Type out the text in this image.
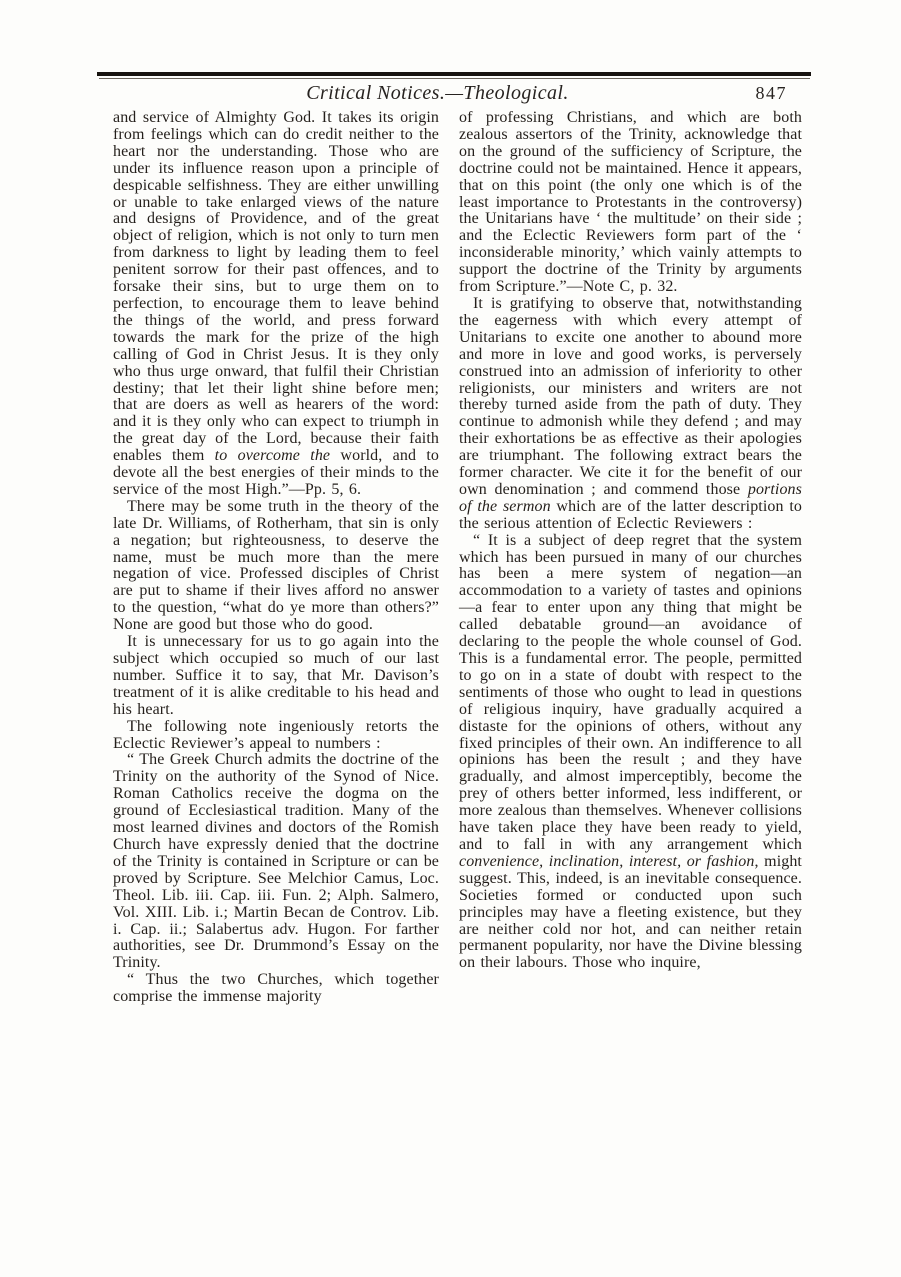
Critical Notices.—Theological.	847

and service of Almighty God. It takes its origin from feelings which can do credit neither to the heart nor the understanding. Those who are under its influence reason upon a principle of despicable selfishness. They are either unwilling or unable to take enlarged views of the nature and designs of Providence, and of the great object of religion, which is not only to turn men from darkness to light by leading them to feel penitent sorrow for their past offences, and to forsake their sins, but to urge them on to perfection, to encourage them to leave behind the things of the world, and press forward towards the mark for the prize of the high calling of God in Christ Jesus. It is they only who thus urge onward, that fulfil their Christian destiny; that let their light shine before men; that are doers as well as hearers of the word: and it is they only who can expect to triumph in the great day of the Lord, because their faith enables them to overcome the world, and to devote all the best energies of their minds to the service of the most High.”—Pp. 5, 6.

There may be some truth in the theory of the late Dr. Williams, of Rotherham, that sin is only a negation; but righteousness, to deserve the name, must be much more than the mere negation of vice. Professed disciples of Christ are put to shame if their lives afford no answer to the question, “what do ye more than others?” None are good but those who do good.

It is unnecessary for us to go again into the subject which occupied so much of our last number. Suffice it to say, that Mr. Davison’s treatment of it is alike creditable to his head and his heart.

The following note ingeniously retorts the Eclectic Reviewer’s appeal to numbers :

“ The Greek Church admits the doctrine of the Trinity on the authority of the Synod of Nice. Roman Catholics receive the dogma on the ground of Ecclesiastical tradition. Many of the most learned divines and doctors of the Romish Church have expressly denied that the doctrine of the Trinity is contained in Scripture or can be proved by Scripture. See Melchior Camus, Loc. Theol. Lib. iii. Cap. iii. Fun. 2; Alph. Salmero, Vol. XIII. Lib. i.; Martin Becan de Controv. Lib. i. Cap. ii.; Salabertus adv. Hugon. For farther authorities, see Dr. Drummond’s Essay on the Trinity.

“ Thus the two Churches, which together comprise the immense majority

of professing Christians, and which are both zealous assertors of the Trinity, acknowledge that on the ground of the sufficiency of Scripture, the doctrine could not be maintained. Hence it appears, that on this point (the only one which is of the least importance to Protestants in the controversy) the Unitarians have ‘ the multitude’ on their side ; and the Eclectic Reviewers form part of the ‘ inconsiderable minority,’ which vainly attempts to support the doctrine of the Trinity by arguments from Scripture.”—Note C, p. 32.

It is gratifying to observe that, notwithstanding the eagerness with which every attempt of Unitarians to excite one another to abound more and more in love and good works, is perversely construed into an admission of inferiority to other religionists, our ministers and writers are not thereby turned aside from the path of duty. They continue to admonish while they defend ; and may their exhortations be as effective as their apologies are triumphant. The following extract bears the former character. We cite it for the benefit of our own denomination ; and commend those portions of the sermon which are of the latter description to the serious attention of Eclectic Reviewers :

“ It is a subject of deep regret that the system which has been pursued in many of our churches has been a mere system of negation—an accommodation to a variety of tastes and opinions—a fear to enter upon any thing that might be called debatable ground—an avoidance of declaring to the people the whole counsel of God. This is a fundamental error. The people, permitted to go on in a state of doubt with respect to the sentiments of those who ought to lead in questions of religious inquiry, have gradually acquired a distaste for the opinions of others, without any fixed principles of their own. An indifference to all opinions has been the result ; and they have gradually, and almost imperceptibly, become the prey of others better informed, less indifferent, or more zealous than themselves. Whenever collisions have taken place they have been ready to yield, and to fall in with any arrangement which convenience, inclination, interest, or fashion, might suggest. This, indeed, is an inevitable consequence. Societies formed or conducted upon such principles may have a fleeting existence, but they are neither cold nor hot, and can neither retain permanent popularity, nor have the Divine blessing on their labours. Those who inquire,
